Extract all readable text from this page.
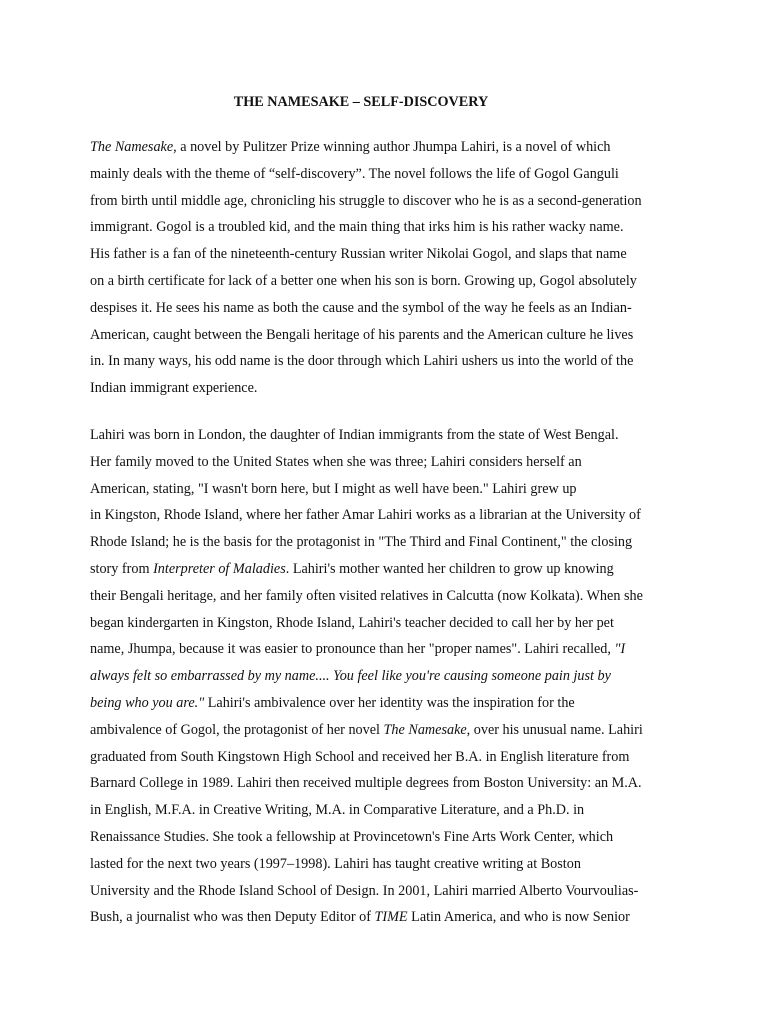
THE NAMESAKE – SELF-DISCOVERY

The Namesake, a novel by Pulitzer Prize winning author Jhumpa Lahiri, is a novel of which

mainly deals with the theme of “self-discovery”. The novel follows the life of Gogol Ganguli

from birth until middle age, chronicling his struggle to discover who he is as a second-generation

immigrant. Gogol is a troubled kid, and the main thing that irks him is his rather wacky name.

His father is a fan of the nineteenth-century Russian writer Nikolai Gogol, and slaps that name

on a birth certificate for lack of a better one when his son is born. Growing up, Gogol absolutely

despises it. He sees his name as both the cause and the symbol of the way he feels as an Indian-

American, caught between the Bengali heritage of his parents and the American culture he lives

in. In many ways, his odd name is the door through which Lahiri ushers us into the world of the

Indian immigrant experience.

Lahiri was born in London, the daughter of Indian immigrants from the state of West Bengal.

Her family moved to the United States when she was three; Lahiri considers herself an

American, stating, "I wasn't born here, but I might as well have been." Lahiri grew up

in Kingston, Rhode Island, where her father Amar Lahiri works as a librarian at the University of

Rhode Island; he is the basis for the protagonist in "The Third and Final Continent," the closing

story from Interpreter of Maladies. Lahiri's mother wanted her children to grow up knowing

their Bengali heritage, and her family often visited relatives in Calcutta (now Kolkata). When she

began kindergarten in Kingston, Rhode Island, Lahiri's teacher decided to call her by her pet

name, Jhumpa, because it was easier to pronounce than her "proper names". Lahiri recalled, "I

always felt so embarrassed by my name.... You feel like you're causing someone pain just by

being who you are." Lahiri's ambivalence over her identity was the inspiration for the

ambivalence of Gogol, the protagonist of her novel The Namesake, over his unusual name. Lahiri

graduated from South Kingstown High School and received her B.A. in English literature from

Barnard College in 1989. Lahiri then received multiple degrees from Boston University: an M.A.

in English, M.F.A. in Creative Writing, M.A. in Comparative Literature, and a Ph.D. in

Renaissance Studies. She took a fellowship at Provincetown's Fine Arts Work Center, which

lasted for the next two years (1997–1998). Lahiri has taught creative writing at Boston

University and the Rhode Island School of Design. In 2001, Lahiri married Alberto Vourvoulias-

Bush, a journalist who was then Deputy Editor of TIME Latin America, and who is now Senior
